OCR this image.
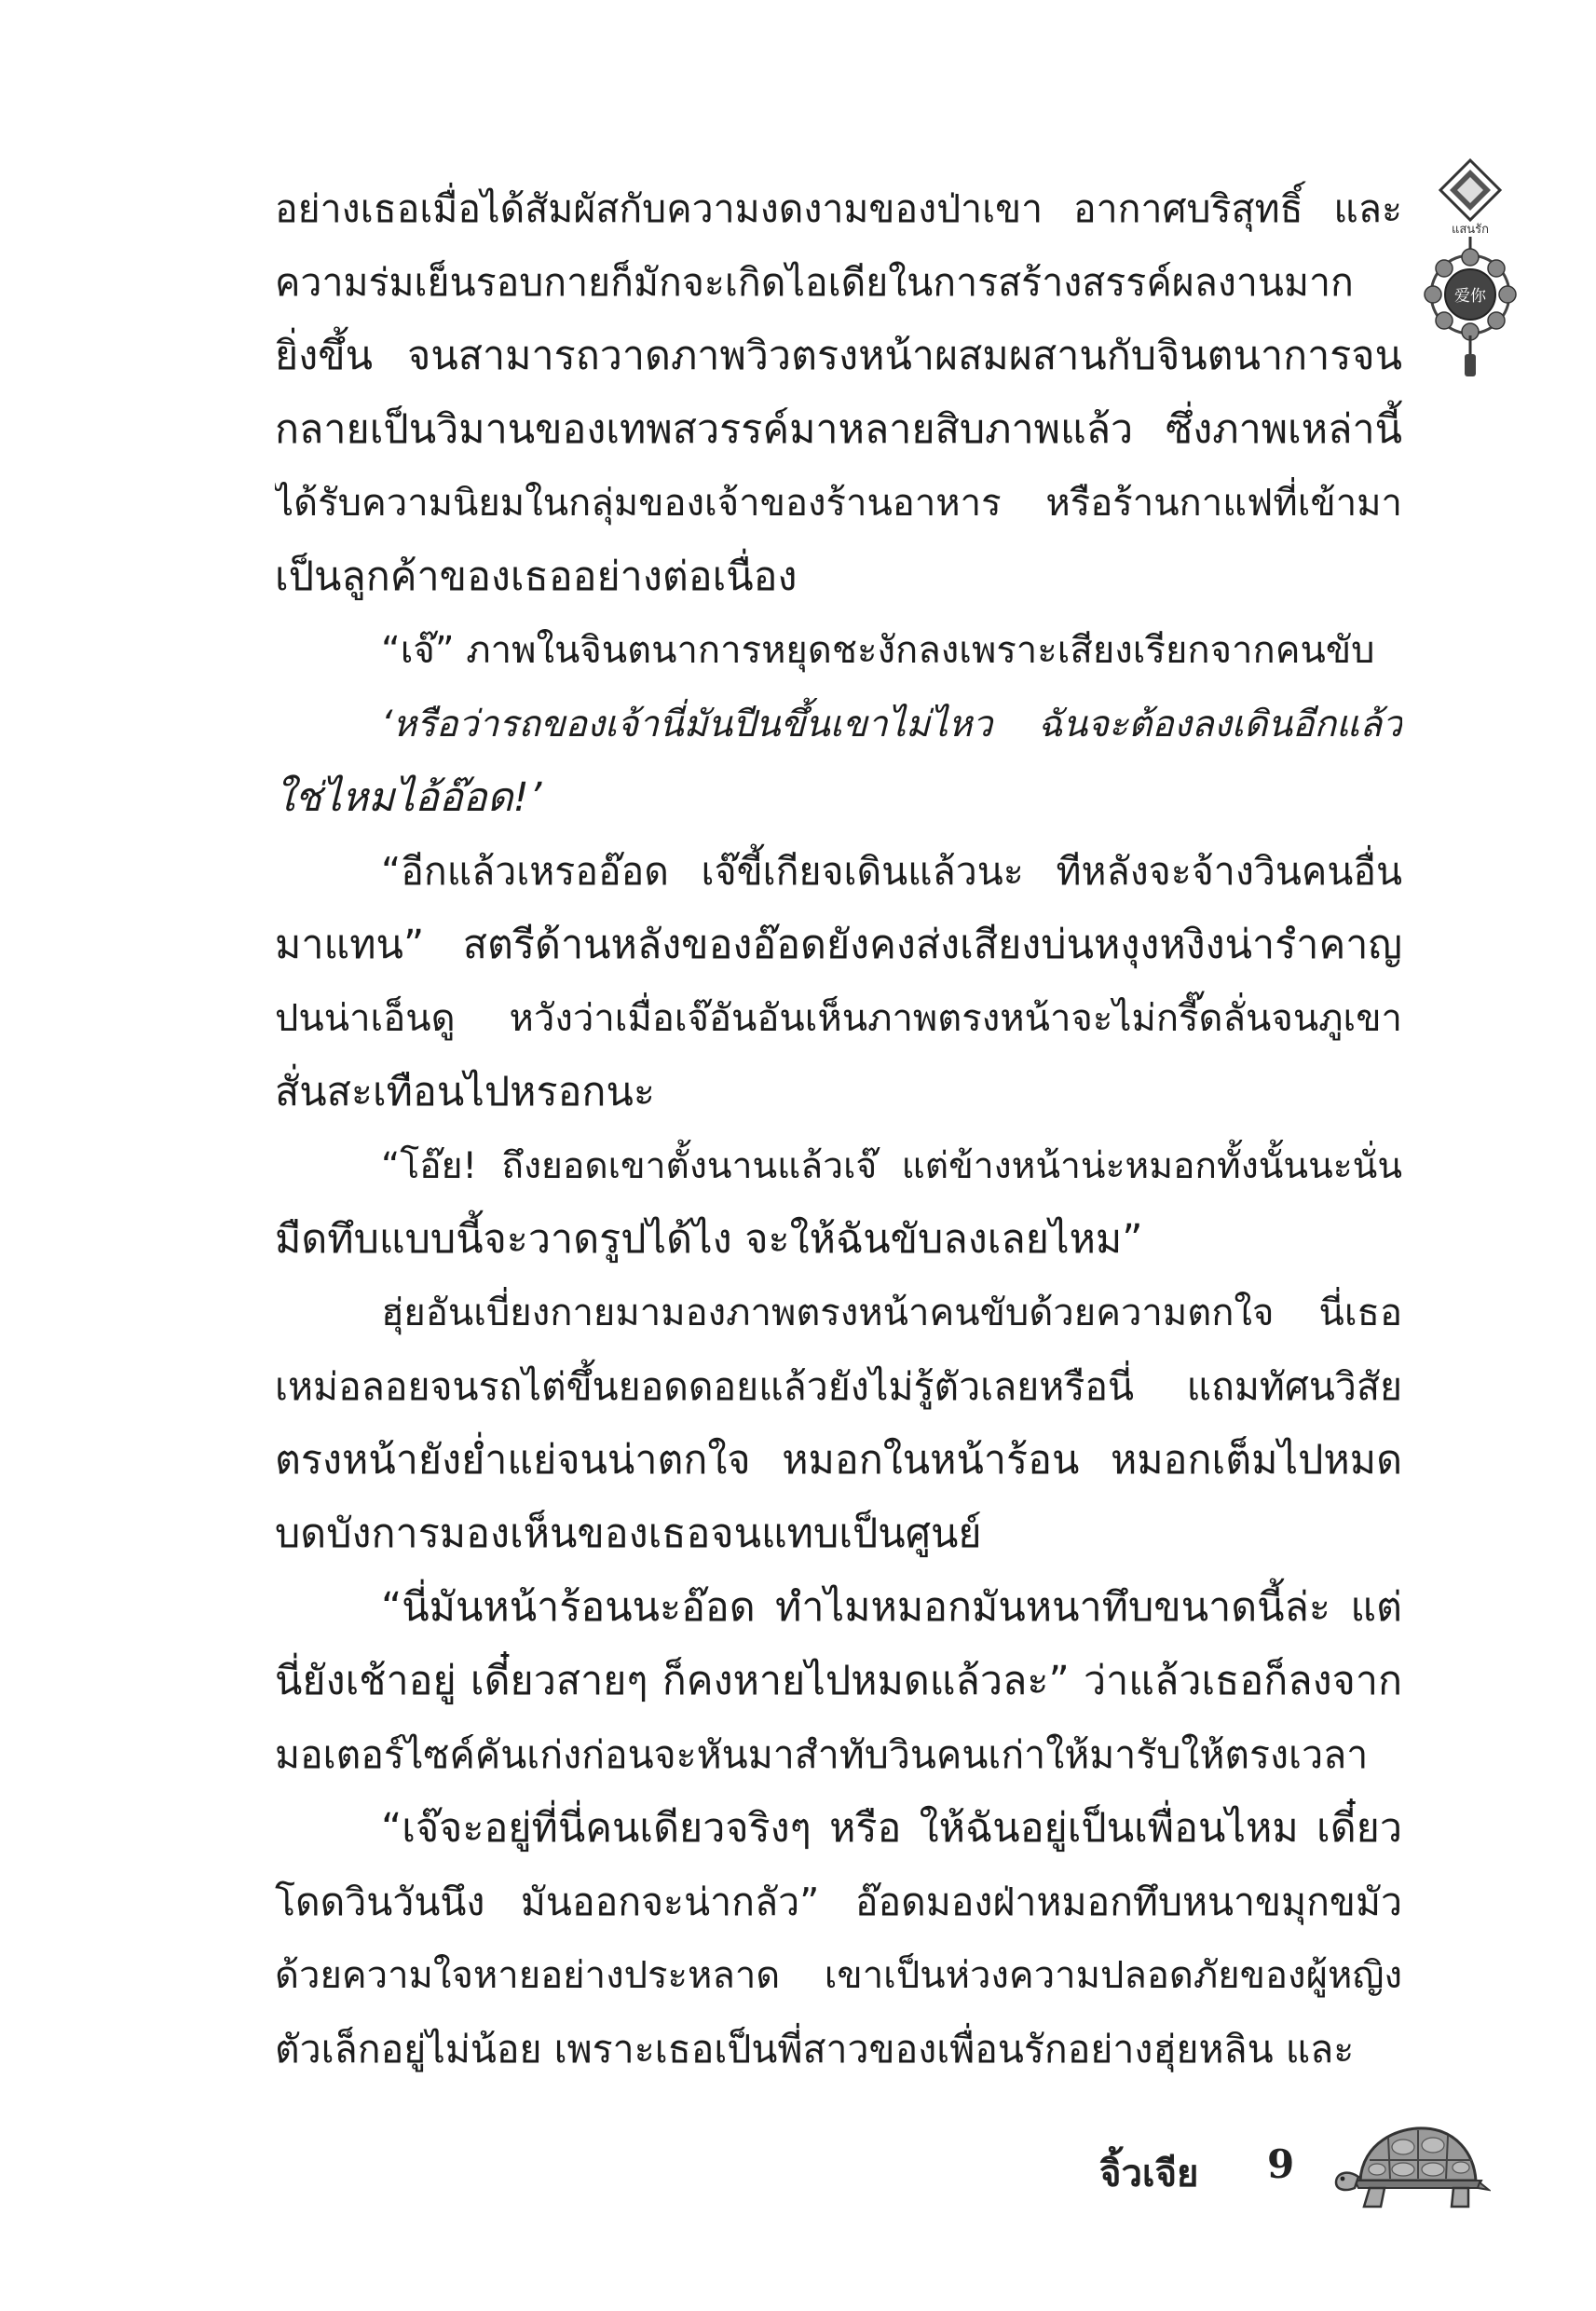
แสนรัก
爱你
อย่างเธอเมื่อได้สัมผัสกับความงดงามของป่าเขา อากาศบริสุทธิ์ และ
ความร่มเย็นรอบกายก็มักจะเกิดไอเดียในการสร้างสรรค์ผลงานมาก
ยิ่งขึ้น จนสามารถวาดภาพวิวตรงหน้าผสมผสานกับจินตนาการจน
กลายเป็นวิมานของเทพสวรรค์มาหลายสิบภาพแล้ว ซึ่งภาพเหล่านี้
ได้รับความนิยมในกลุ่มของเจ้าของร้านอาหาร หรือร้านกาแฟที่เข้ามา
เป็นลูกค้าของเธออย่างต่อเนื่อง
“เจ๊” ภาพในจินตนาการหยุดชะงักลงเพราะเสียงเรียกจากคนขับ
‘หรือว่ารถของเจ้านี่มันปีนขึ้นเขาไม่ไหว ฉันจะต้องลงเดินอีกแล้ว
ใช่ไหมไอ้อ๊อด!’
“อีกแล้วเหรออ๊อด เจ๊ขี้เกียจเดินแล้วนะ ทีหลังจะจ้างวินคนอื่น
มาแทน” สตรีด้านหลังของอ๊อดยังคงส่งเสียงบ่นหงุงหงิงน่ารำคาญ
ปนน่าเอ็นดู หวังว่าเมื่อเจ๊อันอันเห็นภาพตรงหน้าจะไม่กรี๊ดลั่นจนภูเขา
สั่นสะเทือนไปหรอกนะ
“โอ๊ย! ถึงยอดเขาตั้งนานแล้วเจ๊ แต่ข้างหน้าน่ะหมอกทั้งนั้นนะนั่น
มืดทึบแบบนี้จะวาดรูปได้ไง จะให้ฉันขับลงเลยไหม”
ฮุ่ยอันเบี่ยงกายมามองภาพตรงหน้าคนขับด้วยความตกใจ นี่เธอ
เหม่อลอยจนรถไต่ขึ้นยอดดอยแล้วยังไม่รู้ตัวเลยหรือนี่ แถมทัศนวิสัย
ตรงหน้ายังย่ำแย่จนน่าตกใจ หมอกในหน้าร้อน หมอกเต็มไปหมด
บดบังการมองเห็นของเธอจนแทบเป็นศูนย์
“นี่มันหน้าร้อนนะอ๊อด ทำไมหมอกมันหนาทึบขนาดนี้ล่ะ แต่
นี่ยังเช้าอยู่ เดี๋ยวสายๆ ก็คงหายไปหมดแล้วละ” ว่าแล้วเธอก็ลงจาก
มอเตอร์ไซค์คันเก่งก่อนจะหันมาสำทับวินคนเก่าให้มารับให้ตรงเวลา
“เจ๊จะอยู่ที่นี่คนเดียวจริงๆ หรือ ให้ฉันอยู่เป็นเพื่อนไหม เดี๋ยว
โดดวินวันนึง มันออกจะน่ากลัว” อ๊อดมองฝ่าหมอกทึบหนาขมุกขมัว
ด้วยความใจหายอย่างประหลาด เขาเป็นห่วงความปลอดภัยของผู้หญิง
ตัวเล็กอยู่ไม่น้อย เพราะเธอเป็นพี่สาวของเพื่อนรักอย่างฮุ่ยหลิน และ
จิ้วเจีย 9
